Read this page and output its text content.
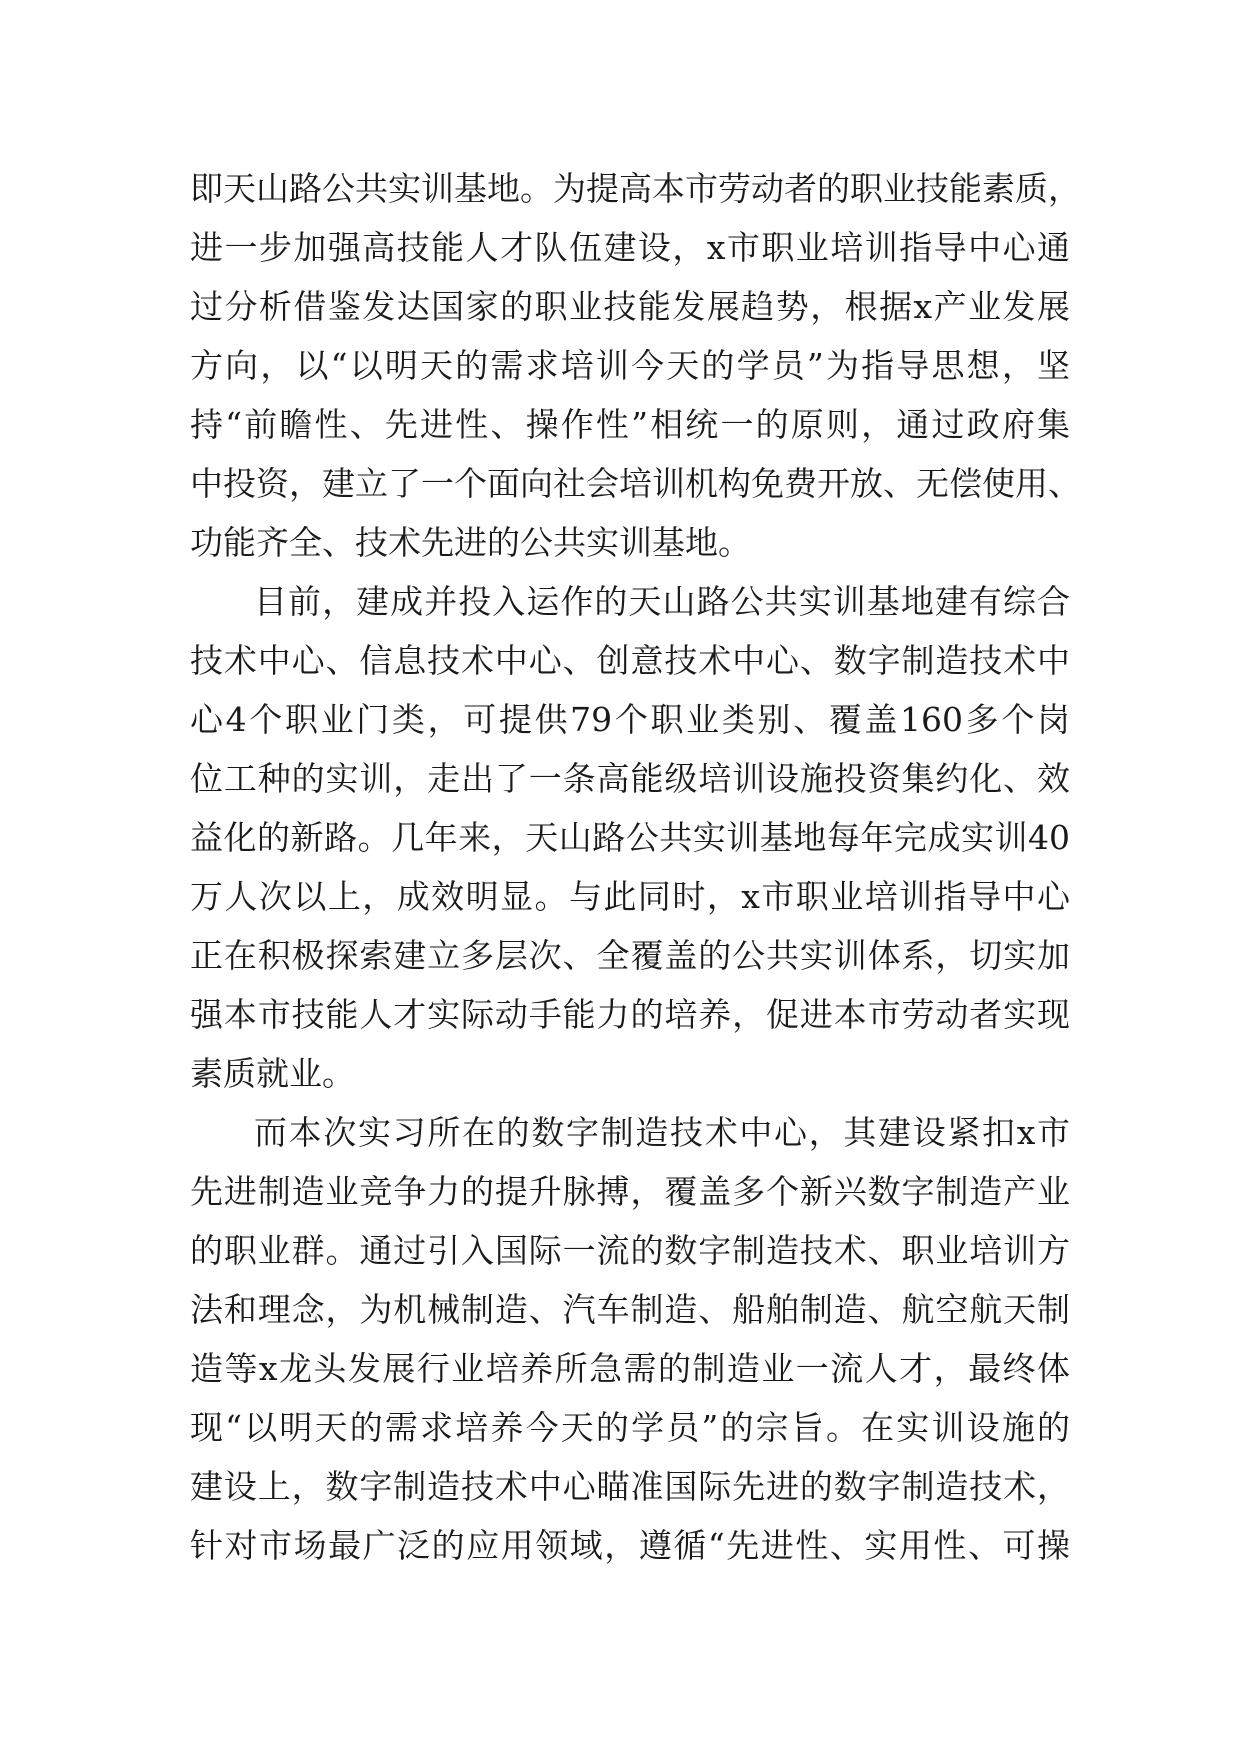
即天山路公共实训基地。为提高本市劳动者的职业技能素质，
进一步加强高技能人才队伍建设，x市职业培训指导中心通
过分析借鉴发达国家的职业技能发展趋势，根据x产业发展
方向，以“以明天的需求培训今天的学员”为指导思想，坚
持“前瞻性、先进性、操作性”相统一的原则，通过政府集
中投资，建立了一个面向社会培训机构免费开放、无偿使用、
功能齐全、技术先进的公共实训基地。
目前，建成并投入运作的天山路公共实训基地建有综合
技术中心、信息技术中心、创意技术中心、数字制造技术中
心4个职业门类，可提供79个职业类别、覆盖160多个岗
位工种的实训，走出了一条高能级培训设施投资集约化、效
益化的新路。几年来，天山路公共实训基地每年完成实训40
万人次以上，成效明显。与此同时，x市职业培训指导中心
正在积极探索建立多层次、全覆盖的公共实训体系，切实加
强本市技能人才实际动手能力的培养，促进本市劳动者实现
素质就业。
而本次实习所在的数字制造技术中心，其建设紧扣x市
先进制造业竞争力的提升脉搏，覆盖多个新兴数字制造产业
的职业群。通过引入国际一流的数字制造技术、职业培训方
法和理念，为机械制造、汽车制造、船舶制造、航空航天制
造等x龙头发展行业培养所急需的制造业一流人才，最终体
现“以明天的需求培养今天的学员”的宗旨。在实训设施的
建设上，数字制造技术中心瞄准国际先进的数字制造技术，
针对市场最广泛的应用领域，遵循“先进性、实用性、可操
